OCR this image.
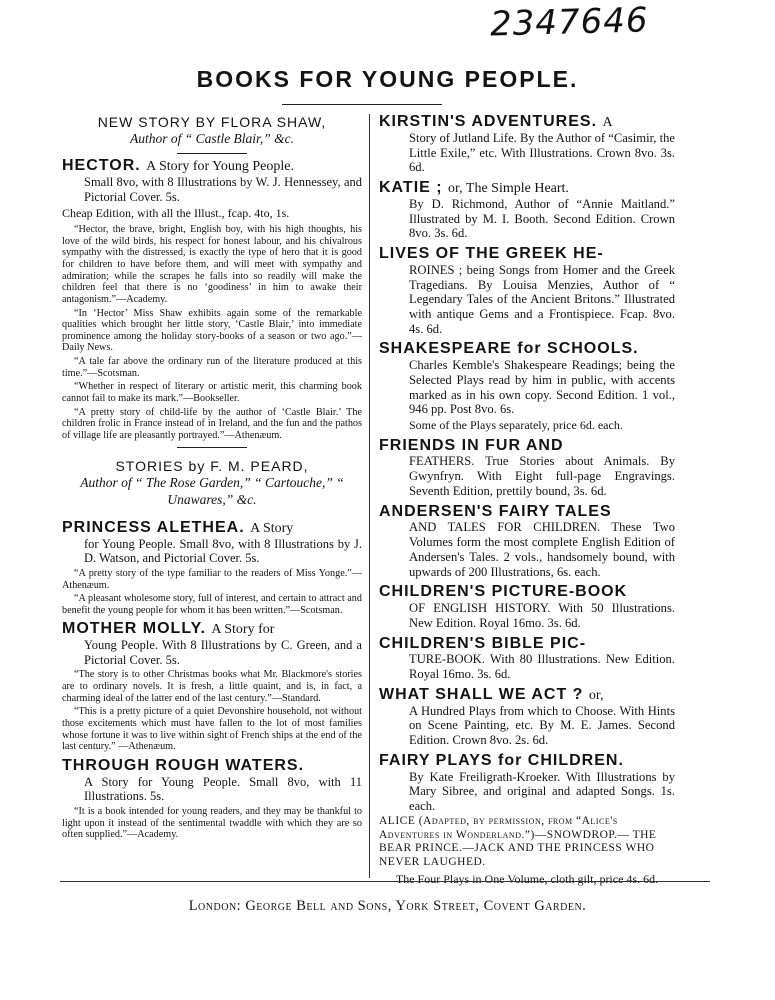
2347646
BOOKS FOR YOUNG PEOPLE.
NEW STORY BY FLORA SHAW,
Author of “ Castle Blair,” &c.
HECTOR. A Story for Young People.
Small 8vo, with 8 Illustrations by W. J. Hennessey, and Pictorial Cover. 5s.
Cheap Edition, with all the Illust., fcap. 4to, 1s.
“Hector, the brave, bright, English boy, with his high thoughts, his love of the wild birds, his respect for honest labour, and his chivalrous sympathy with the distressed, is exactly the type of hero that it is good for children to have before them, and will meet with sympathy and admiration; while the scrapes he falls into so readily will make the children feel that there is no ‘goodiness’ in him to awake their antagonism.”—Academy.
“In ‘Hector’ Miss Shaw exhibits again some of the remarkable qualities which brought her little story, ‘Castle Blair,’ into immediate prominence among the holiday story-books of a season or two ago.”—Daily News.
“A tale far above the ordinary run of the literature produced at this time.”—Scotsman.
“Whether in respect of literary or artistic merit, this charming book cannot fail to make its mark.”—Bookseller.
“A pretty story of child-life by the author of ‘Castle Blair.’ The children frolic in France instead of in Ireland, and the fun and the pathos of village life are pleasantly portrayed.”—Athenæum.
STORIES by F. M. PEARD,
Author of “ The Rose Garden,” “ Cartouche,” “ Unawares,” &c.
PRINCESS ALETHEA. A Story
for Young People. Small 8vo, with 8 Illustrations by J. D. Watson, and Pictorial Cover. 5s.
“A pretty story of the type familiar to the readers of Miss Yonge.”—Athenæum.
“A pleasant wholesome story, full of interest, and certain to attract and benefit the young people for whom it has been written.”—Scotsman.
MOTHER MOLLY. A Story for
Young People. With 8 Illustrations by C. Green, and a Pictorial Cover. 5s.
“The story is to other Christmas books what Mr. Blackmore's stories are to ordinary novels. It is fresh, a little quaint, and is, in fact, a charming ideal of the latter end of the last century.”—Standard.
“This is a pretty picture of a quiet Devonshire household, not without those excitements which must have fallen to the lot of most families whose fortune it was to live within sight of French ships at the end of the last century.” —Athenæum.
THROUGH ROUGH WATERS.
A Story for Young People. Small 8vo, with 11 Illustrations. 5s.
“It is a book intended for young readers, and they may be thankful to light upon it instead of the sentimental twaddle with which they are so often supplied.”—Academy.
KIRSTIN'S ADVENTURES. A
Story of Jutland Life. By the Author of “Casimir, the Little Exile,” etc. With Illustrations. Crown 8vo. 3s. 6d.
KATIE ; or, The Simple Heart.
By D. Richmond, Author of “Annie Maitland.” Illustrated by M. I. Booth. Second Edition. Crown 8vo. 3s. 6d.
LIVES OF THE GREEK HE-
ROINES ; being Songs from Homer and the Greek Tragedians. By Louisa Menzies, Author of “ Legendary Tales of the Ancient Britons.” Illustrated with antique Gems and a Frontispiece. Fcap. 8vo. 4s. 6d.
SHAKESPEARE for SCHOOLS.
Charles Kemble's Shakespeare Readings; being the Selected Plays read by him in public, with accents marked as in his own copy. Second Edition. 1 vol., 946 pp. Post 8vo. 6s.
Some of the Plays separately, price 6d. each.
FRIENDS IN FUR AND
FEATHERS. True Stories about Animals. By Gwynfryn. With Eight full-page Engravings. Seventh Edition, prettily bound, 3s. 6d.
ANDERSEN'S FAIRY TALES
AND TALES FOR CHILDREN. These Two Volumes form the most complete English Edition of Andersen's Tales. 2 vols., handsomely bound, with upwards of 200 Illustrations, 6s. each.
CHILDREN'S PICTURE-BOOK
OF ENGLISH HISTORY. With 50 Illustrations. New Edition. Royal 16mo. 3s. 6d.
CHILDREN'S BIBLE PIC-
TURE-BOOK. With 80 Illustrations. New Edition. Royal 16mo. 3s. 6d.
WHAT SHALL WE ACT ? or,
A Hundred Plays from which to Choose. With Hints on Scene Painting, etc. By M. E. James. Second Edition. Crown 8vo. 2s. 6d.
FAIRY PLAYS for CHILDREN.
By Kate Freiligrath-Kroeker. With Illustrations by Mary Sibree, and original and adapted Songs. 1s. each.
ALICE (Adapted, by permission, from “Alice's Adventures in Wonderland.”)—SNOWDROP.— THE BEAR PRINCE.—JACK AND THE PRINCESS WHO NEVER LAUGHED.
The Four Plays in One Volume, cloth gilt, price 4s. 6d.
London: George Bell and Sons, York Street, Covent Garden.
